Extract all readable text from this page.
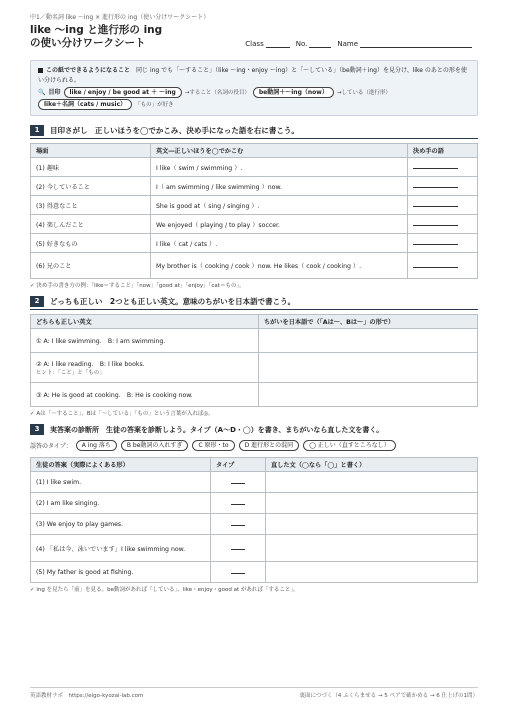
中1／動名詞 like ～ing × 進行形の ing（使い分けワークシート）
like ～ing と進行形の ing
の使い分けワークシート	Class	No.	Name
この紙でできるようになること　 同じ ing でも「～すること」（like ～ing・enjoy ～ing）と「～している」（be動詞＋ing）を見分け、like のあとの形を使い分けられる。
🔍 目印	like / enjoy / be good at ＋ ～ing	→すること（名詞の役目）	be動詞＋～ing（now）	→している（進行形）
like＋名詞（cats / music）	「もの」が好き
1	目印さがし　正しいほうを◯でかこみ、決め手になった語を右に書こう。
場面	英文―正しいほうを◯でかこむ	決め手の語
(1) 趣味	I like（ swim / swimming ）.	
(2) 今していること	I（ am swimming / like swimming ）now.	
(3) 得意なこと	She is good at（ sing / singing ）.	
(4) 楽しんだこと	We enjoyed（ playing / to play ）soccer.	
(5) 好きなもの	I like（ cat / cats ）.	
(6) 兄のこと	My brother is（ cooking / cook ）now. He likes（ cook / cooking ）.	
✓ 決め手の書き方の例：「like＝すること」「now」「good at」「enjoy」「cat＝もの」。
2	どっちも正しい　2つとも正しい英文。意味のちがいを日本語で書こう。
どちらも正しい英文	ちがいを日本語で（「Aは～、Bは～」の形で）

① A: I like swimming.　B: I am swimming.	

② A: I like reading.　B: I like books.
ヒント：「こと」と「もの」	

③ A: He is good at cooking.　B: He is cooking now.	

✓ Aは「～すること」、Bは「～している」「もの」という言葉が入れば◎。
3	実答案の診断所　生徒の答案を診断しよう。タイプ（A～D・◯）を書き、まちがいなら直した文を書く。
誤答のタイプ：	A ing 落ち	B be動詞の入れすぎ	C 原形・to	D 進行形との混同	◯ 正しい（直すところなし）
生徒の答案（実際によくある形）	タイプ	直した文（◯なら「◯」と書く）
(1) I like swim.		
(2) I am like singing.		
(3) We enjoy to play games.		
(4) 「私は今、泳いでいます」I like swimming now.		
(5) My father is good at fishing.		
✓ ing を見たら「前」を見る。be動詞があれば「している」、like・enjoy・good at があれば「すること」。
英語教材ラボ　https://eigo-kyozai-lab.com	裏面につづく（4 ふくらませる → 5 ペアで確かめる → 6 仕上げの1問）
